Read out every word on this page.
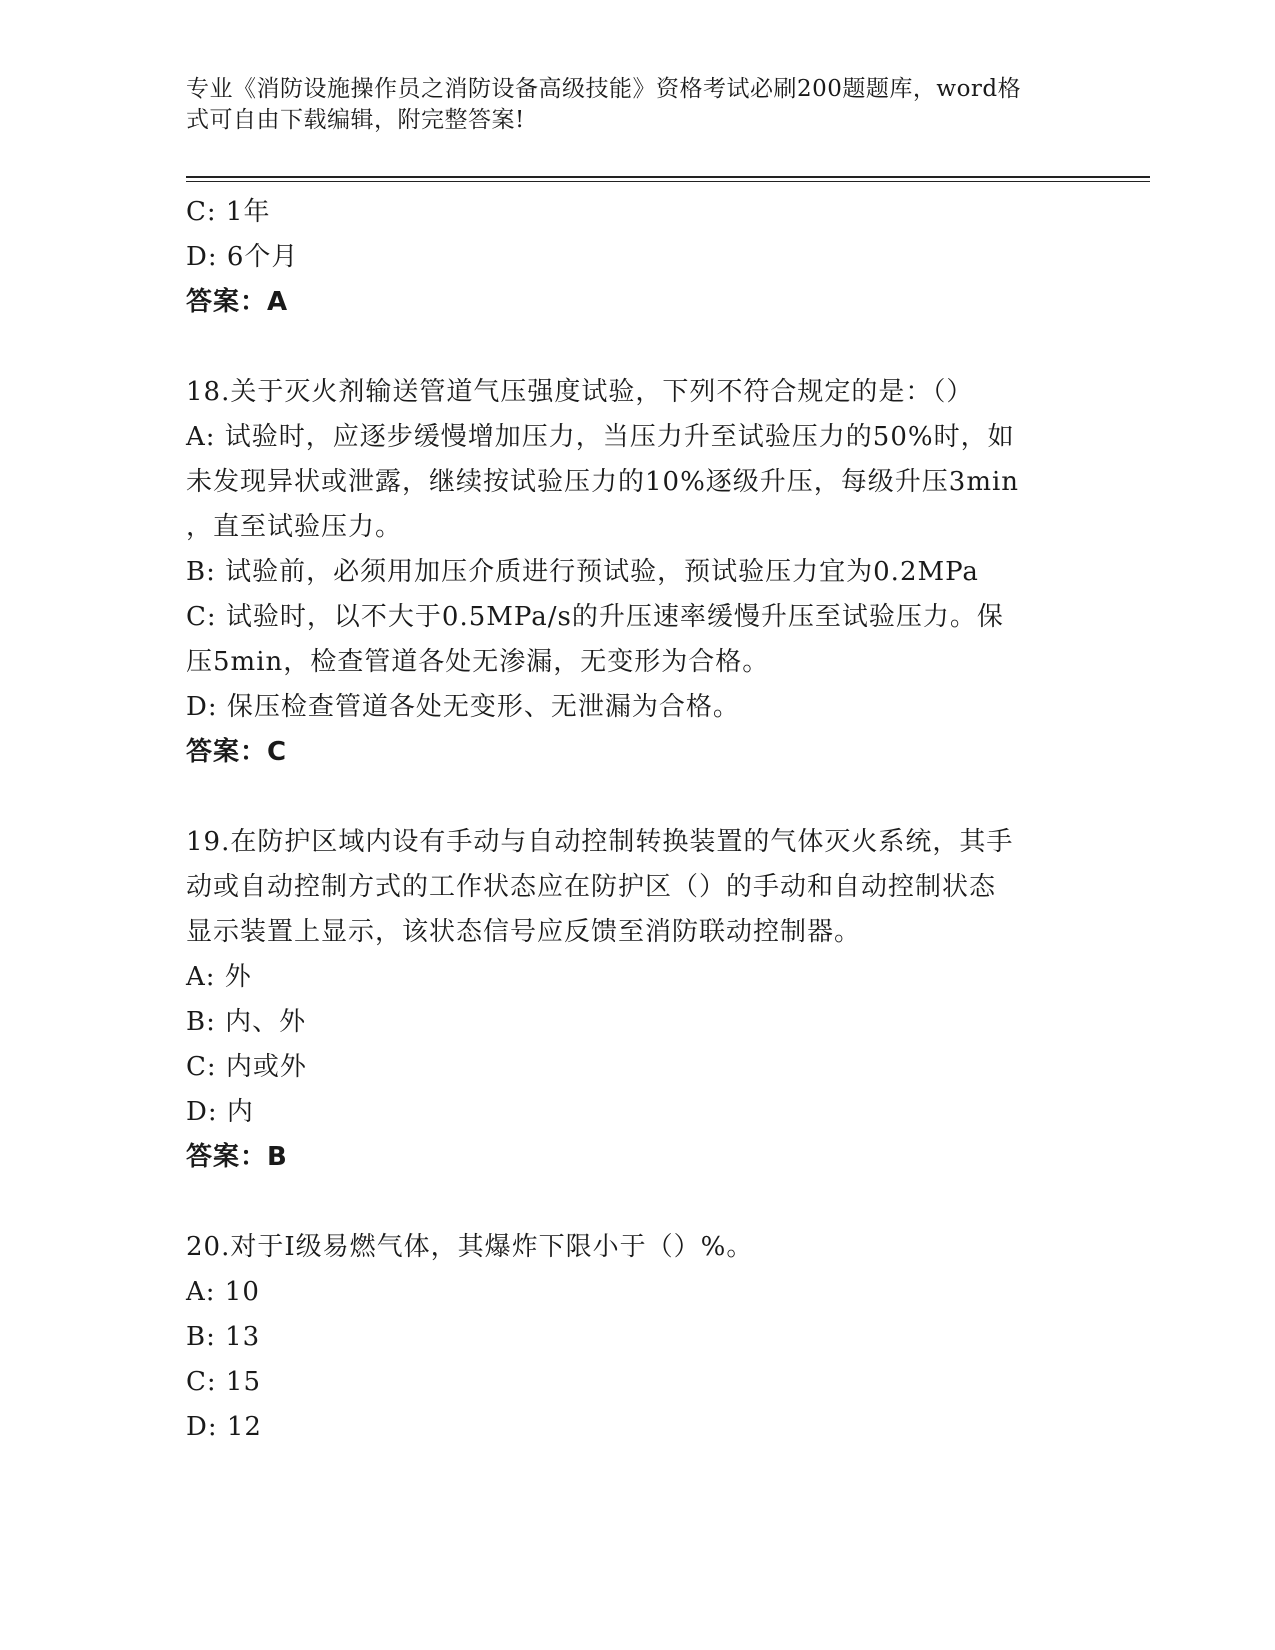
专业《消防设施操作员之消防设备高级技能》资格考试必刷200题题库，word格
式可自由下载编辑，附完整答案!
C: 1年
D: 6个月
答案：A
18.关于灭火剂输送管道气压强度试验，下列不符合规定的是：（）
A: 试验时，应逐步缓慢增加压力，当压力升至试验压力的50%时，如
未发现异状或泄露，继续按试验压力的10%逐级升压，每级升压3min
，直至试验压力。
B: 试验前，必须用加压介质进行预试验，预试验压力宜为0.2MPa
C: 试验时，以不大于0.5MPa/s的升压速率缓慢升压至试验压力。保
压5min，检查管道各处无渗漏，无变形为合格。
D: 保压检查管道各处无变形、无泄漏为合格。
答案：C
19.在防护区域内设有手动与自动控制转换装置的气体灭火系统，其手
动或自动控制方式的工作状态应在防护区（）的手动和自动控制状态
显示装置上显示，该状态信号应反馈至消防联动控制器。
A: 外
B: 内、外
C: 内或外
D: 内
答案：B
20.对于Ⅰ级易燃气体，其爆炸下限小于（）%。
A: 10
B: 13
C: 15
D: 12
